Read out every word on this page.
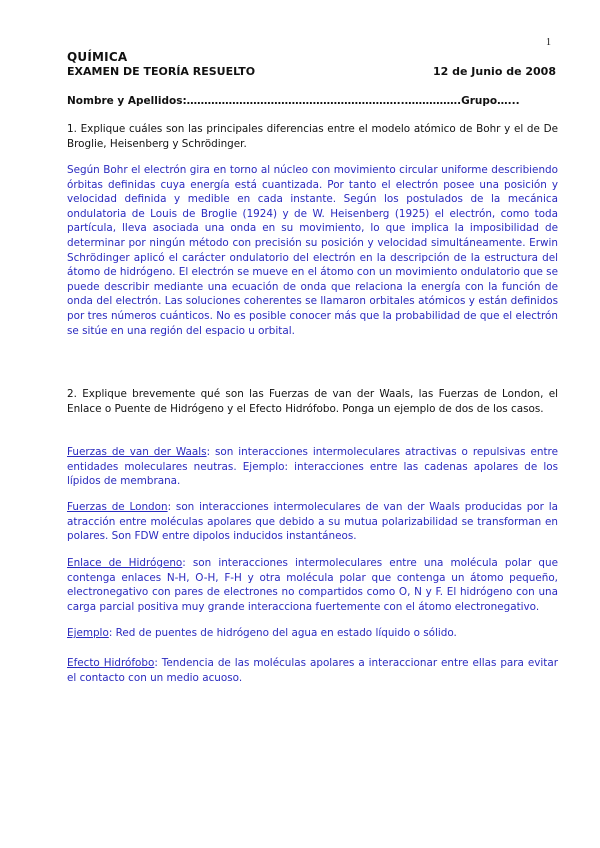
1
QUÍMICA
EXAMEN DE TEORÍA RESUELTO	12 de Junio de 2008
Nombre y Apellidos:……………………………………………………..…………….Grupo…...
1. Explique cuáles son las principales diferencias entre el modelo atómico de Bohr y el de De Broglie, Heisenberg y Schrödinger.
Según Bohr el electrón gira en torno al núcleo con movimiento circular uniforme describiendo órbitas definidas cuya energía está cuantizada. Por tanto el electrón posee una posición y velocidad definida y medible en cada instante. Según los postulados de la mecánica ondulatoria de Louis de Broglie (1924) y de W. Heisenberg (1925) el electrón, como toda partícula, lleva asociada una onda en su movimiento, lo que implica la imposibilidad de determinar por ningún método con precisión su posición y velocidad simultáneamente. Erwin Schrödinger aplicó el carácter ondulatorio del electrón en la descripción de la estructura del átomo de hidrógeno. El electrón se mueve en el átomo con un movimiento ondulatorio que se puede describir mediante una ecuación de onda que relaciona la energía con la función de onda del electrón. Las soluciones coherentes se llamaron orbitales atómicos y están definidos por tres números cuánticos. No es posible conocer más que la probabilidad de que el electrón se sitúe en una región del espacio u orbital.
2. Explique brevemente qué son las Fuerzas de van der Waals, las Fuerzas de London, el Enlace o Puente de Hidrógeno y el Efecto Hidrófobo. Ponga un ejemplo de dos de los casos.
Fuerzas de van der Waals: son interacciones intermoleculares atractivas o repulsivas entre entidades moleculares neutras. Ejemplo: interacciones entre las cadenas apolares de los lípidos de membrana.
Fuerzas de London: son interacciones intermoleculares de van der Waals producidas por la atracción entre moléculas apolares que debido a su mutua polarizabilidad se transforman en polares. Son FDW entre dipolos inducidos instantáneos.
Enlace de Hidrógeno: son interacciones intermoleculares entre una molécula polar que contenga enlaces N-H, O-H, F-H y otra molécula polar que contenga un átomo pequeño, electronegativo con pares de electrones no compartidos como O, N y F. El hidrógeno con una carga parcial positiva muy grande interacciona fuertemente con el átomo electronegativo.
Ejemplo: Red de puentes de hidrógeno del agua en estado líquido o sólido.
Efecto Hidrófobo: Tendencia de las moléculas apolares a interaccionar entre ellas para evitar el contacto con un medio acuoso.
